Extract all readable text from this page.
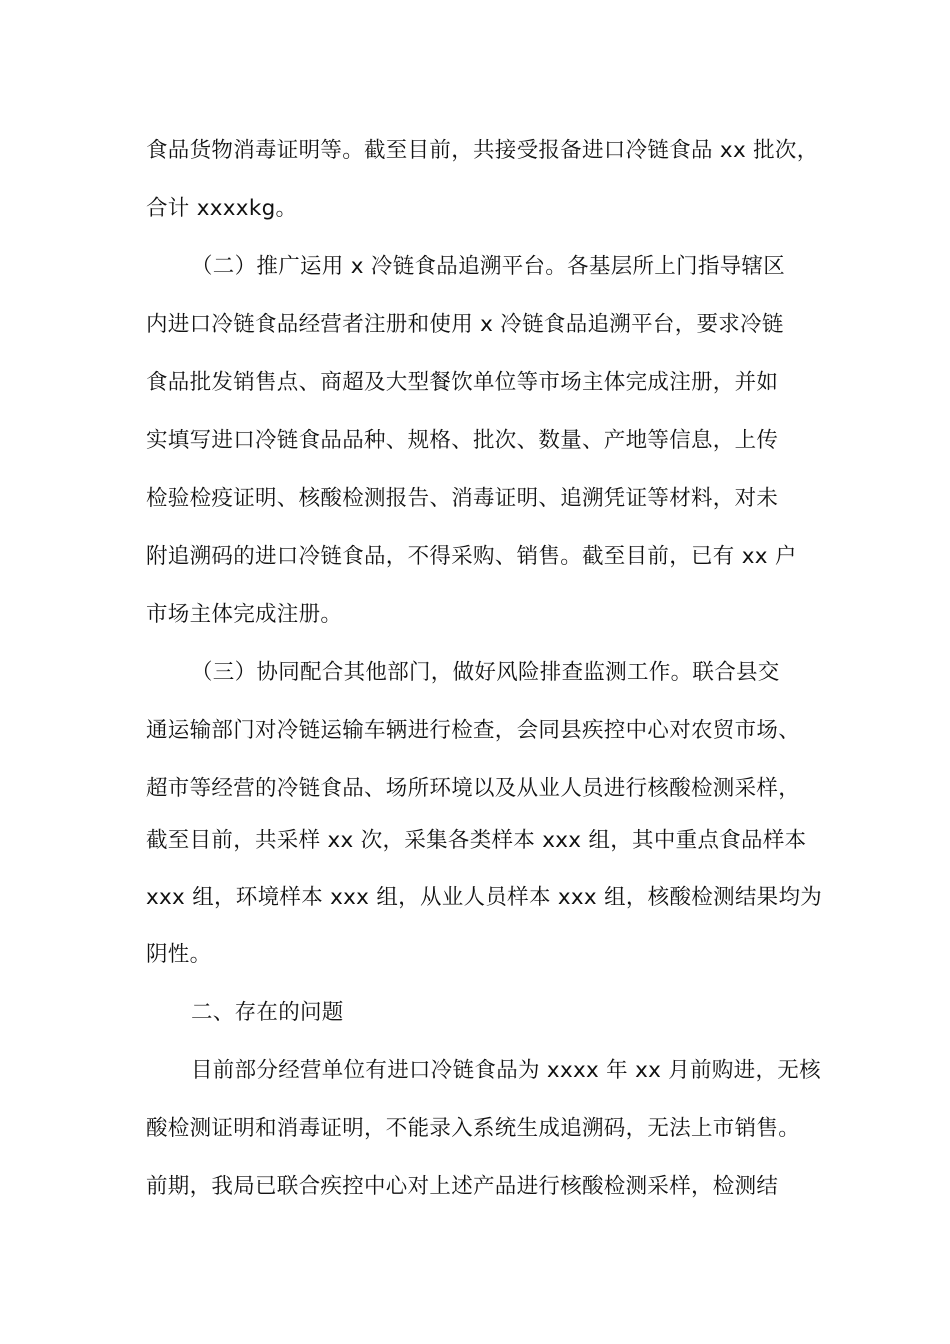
食品货物消毒证明等。截至目前，共接受报备进口冷链食品 xx 批次，
合计 xxxxkg。
（二）推广运用 x 冷链食品追溯平台。各基层所上门指导辖区
内进口冷链食品经营者注册和使用 x 冷链食品追溯平台，要求冷链
食品批发销售点、商超及大型餐饮单位等市场主体完成注册，并如
实填写进口冷链食品品种、规格、批次、数量、产地等信息，上传
检验检疫证明、核酸检测报告、消毒证明、追溯凭证等材料，对未
附追溯码的进口冷链食品，不得采购、销售。截至目前，已有 xx 户
市场主体完成注册。
（三）协同配合其他部门，做好风险排查监测工作。联合县交
通运输部门对冷链运输车辆进行检查，会同县疾控中心对农贸市场、
超市等经营的冷链食品、场所环境以及从业人员进行核酸检测采样，
截至目前，共采样 xx 次，采集各类样本 xxx 组，其中重点食品样本
xxx 组，环境样本 xxx 组，从业人员样本 xxx 组，核酸检测结果均为
阴性。
二、存在的问题
目前部分经营单位有进口冷链食品为 xxxx 年 xx 月前购进，无核
酸检测证明和消毒证明，不能录入系统生成追溯码，无法上市销售。
前期，我局已联合疾控中心对上述产品进行核酸检测采样，检测结
